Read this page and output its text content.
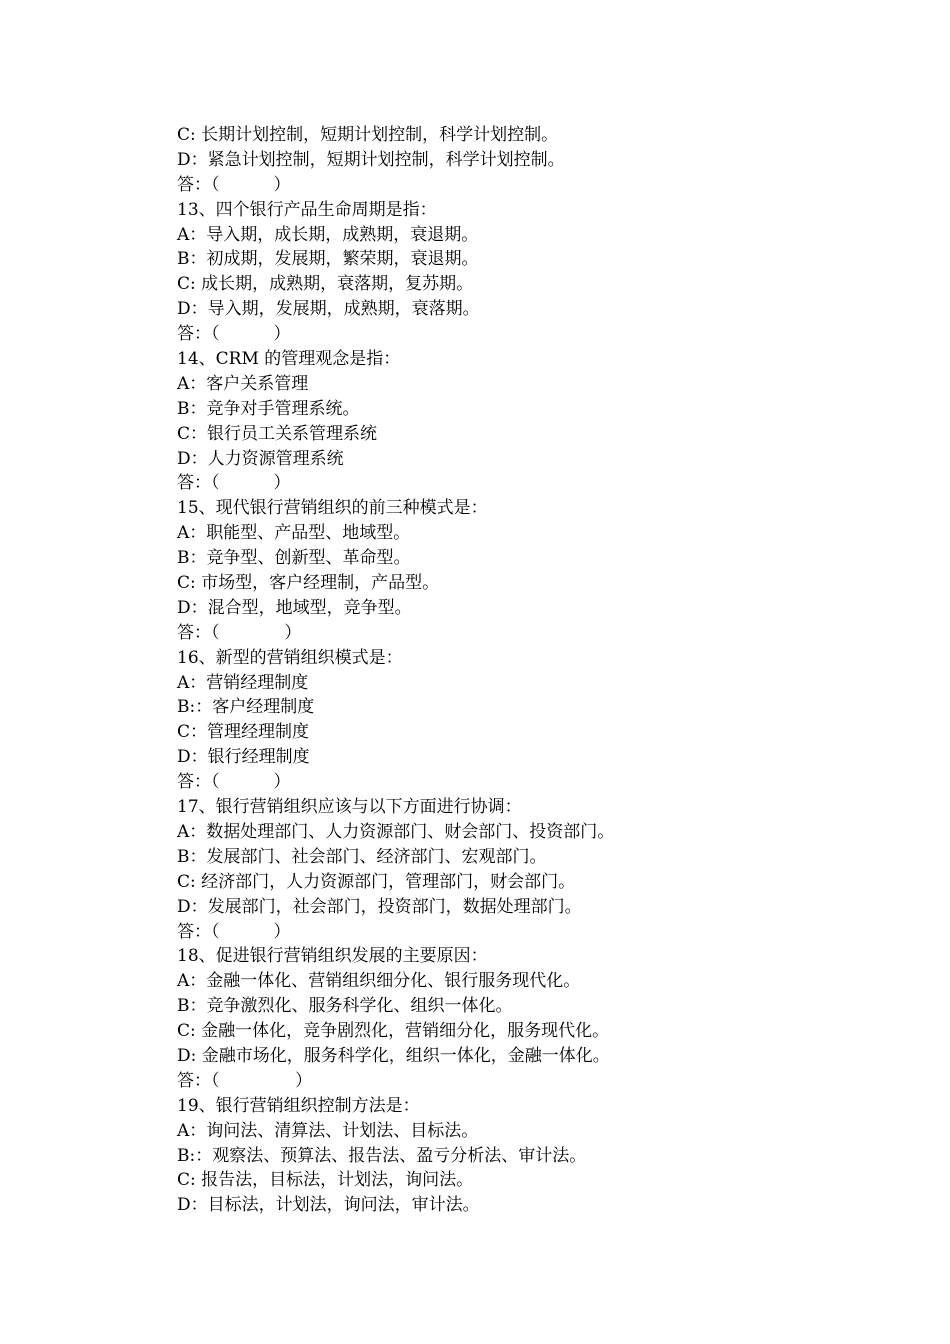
C: 长期计划控制，短期计划控制，科学计划控制。
D：紧急计划控制，短期计划控制，科学计划控制。
答：（          ）
13、四个银行产品生命周期是指：
A：导入期，成长期，成熟期，衰退期。
B：初成期，发展期，繁荣期，衰退期。
C: 成长期，成熟期，衰落期，复苏期。
D：导入期，发展期，成熟期，衰落期。
答：（          ）
14、CRM 的管理观念是指：
A：客户关系管理
B：竞争对手管理系统。
C：银行员工关系管理系统
D：人力资源管理系统
答：（          ）
15、现代银行营销组织的前三种模式是：
A：职能型、产品型、地域型。
B：竞争型、创新型、革命型。
C: 市场型，客户经理制，产品型。
D：混合型，地域型，竞争型。
答：（            ）
16、新型的营销组织模式是：
A：营销经理制度
B:：客户经理制度
C：管理经理制度
D：银行经理制度
答：（          ）
17、银行营销组织应该与以下方面进行协调：
A：数据处理部门、人力资源部门、财会部门、投资部门。
B：发展部门、社会部门、经济部门、宏观部门。
C: 经济部门，人力资源部门，管理部门，财会部门。
D：发展部门，社会部门，投资部门，数据处理部门。
答：（          ）
18、促进银行营销组织发展的主要原因：
A：金融一体化、营销组织细分化、银行服务现代化。
B：竞争激烈化、服务科学化、组织一体化。
C: 金融一体化，竞争剧烈化，营销细分化，服务现代化。
D: 金融市场化，服务科学化，组织一体化，金融一体化。
答：（              ）
19、银行营销组织控制方法是：
A：询问法、清算法、计划法、目标法。
B:：观察法、预算法、报告法、盈亏分析法、审计法。
C: 报告法，目标法，计划法，询问法。
D：目标法，计划法，询问法，审计法。
